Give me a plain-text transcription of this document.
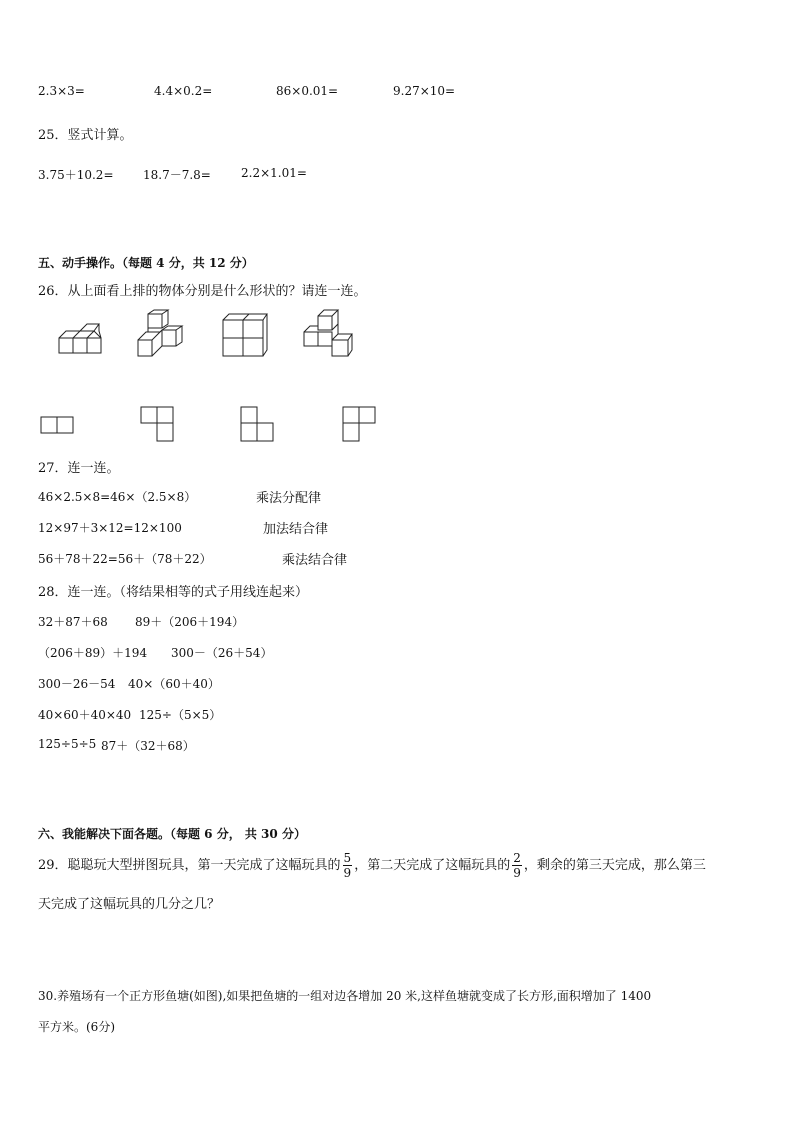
2.3×3=	4.4×0.2=	86×0.01=	9.27×10=
25．竖式计算。
3.75＋10.2= 18.7－7.8=	2.2×1.01=
五、动手操作。（每题 4 分，共 12 分）
26．从上面看上排的物体分别是什么形状的？请连一连。
27．连一连。
46×2.5×8=46×（2.5×8）	乘法分配律
12×97＋3×12=12×100	加法结合律
56＋78＋22=56＋（78＋22）	乘法结合律
28．连一连。（将结果相等的式子用线连起来）
32＋87＋68 89＋（206＋194）
（206＋89）＋194 300－（26＋54）
300－26－54 40×（60＋40）
40×60＋40×40 125÷（5×5）
125÷5÷5 87＋（32＋68）
六、我能解决下面各题。（每题 6 分， 共 30 分）
29．聪聪玩大型拼图玩具，第一天完成了这幅玩具的 $\frac{5}{9}$ ，第二天完成了这幅玩具的 $\frac{2}{9}$ ，剩余的第三天完成，那么第三
天完成了这幅玩具的几分之几？
30.养殖场有一个正方形鱼塘(如图),如果把鱼塘的一组对边各增加 20 米,这样鱼塘就变成了长方形,面积增加了 1400
平方米。(6分)
